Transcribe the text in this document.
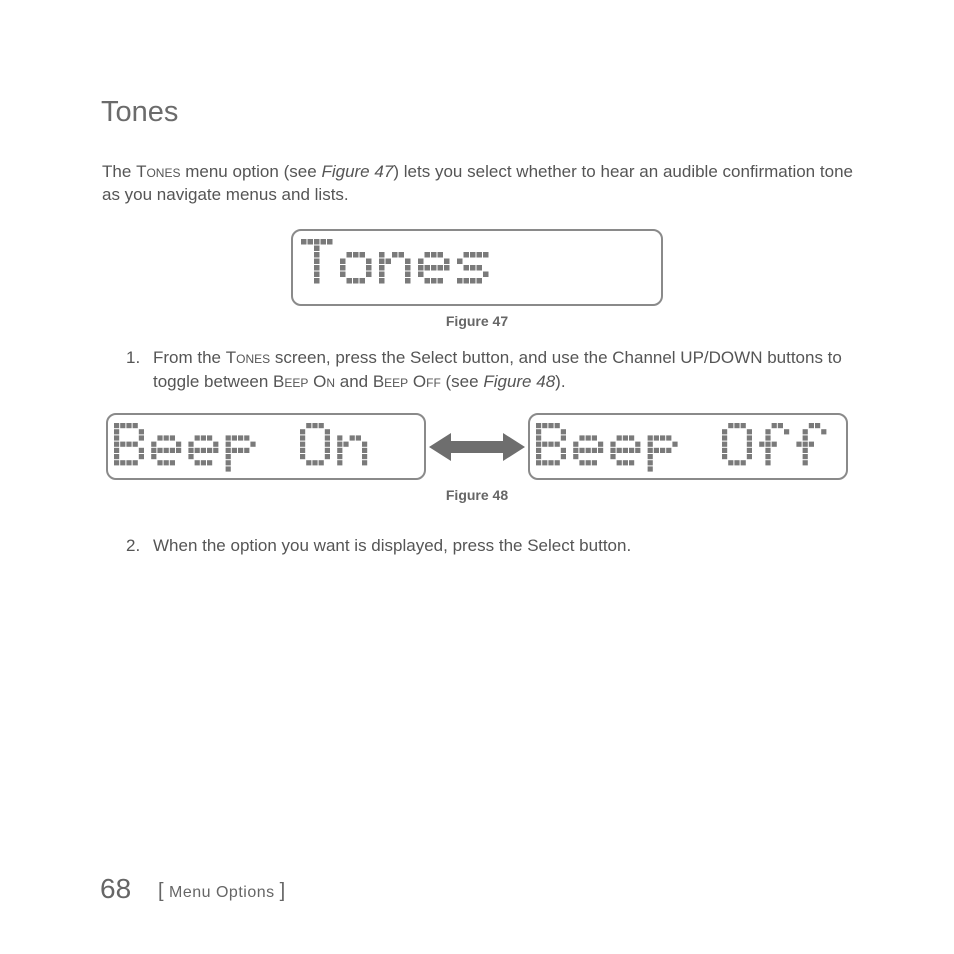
Tones

The Tones menu option (see Figure 47) lets you select whether to hear an audible confirmation tone as you navigate menus and lists.

Figure 47

1. From the Tones screen, press the Select button, and use the Channel UP/DOWN buttons to toggle between Beep On and Beep Off (see Figure 48).

Figure 48

2. When the option you want is displayed, press the Select button.
68 [ Menu Options ]
